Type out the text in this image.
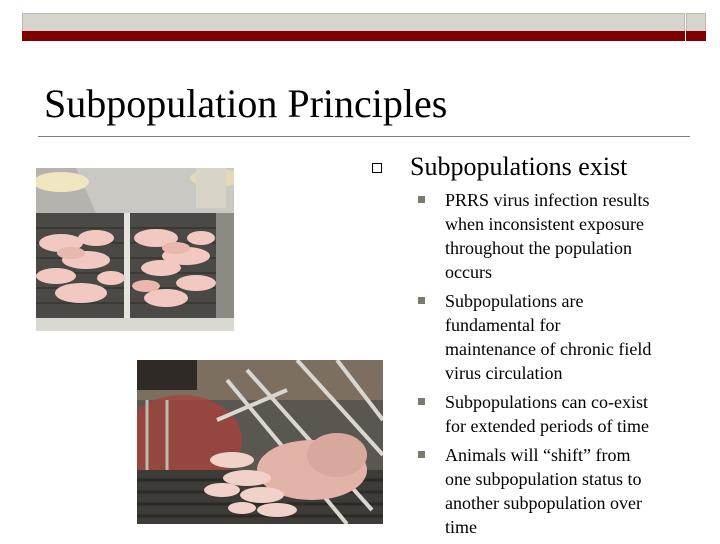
Subpopulation Principles
Subpopulations exist
PRRS virus infection results
when inconsistent exposure
throughout the population
occurs
Subpopulations are
fundamental for
maintenance of chronic field
virus circulation
Subpopulations can co-exist
for extended periods of time
Animals will “shift” from
one subpopulation status to
another subpopulation over
time
